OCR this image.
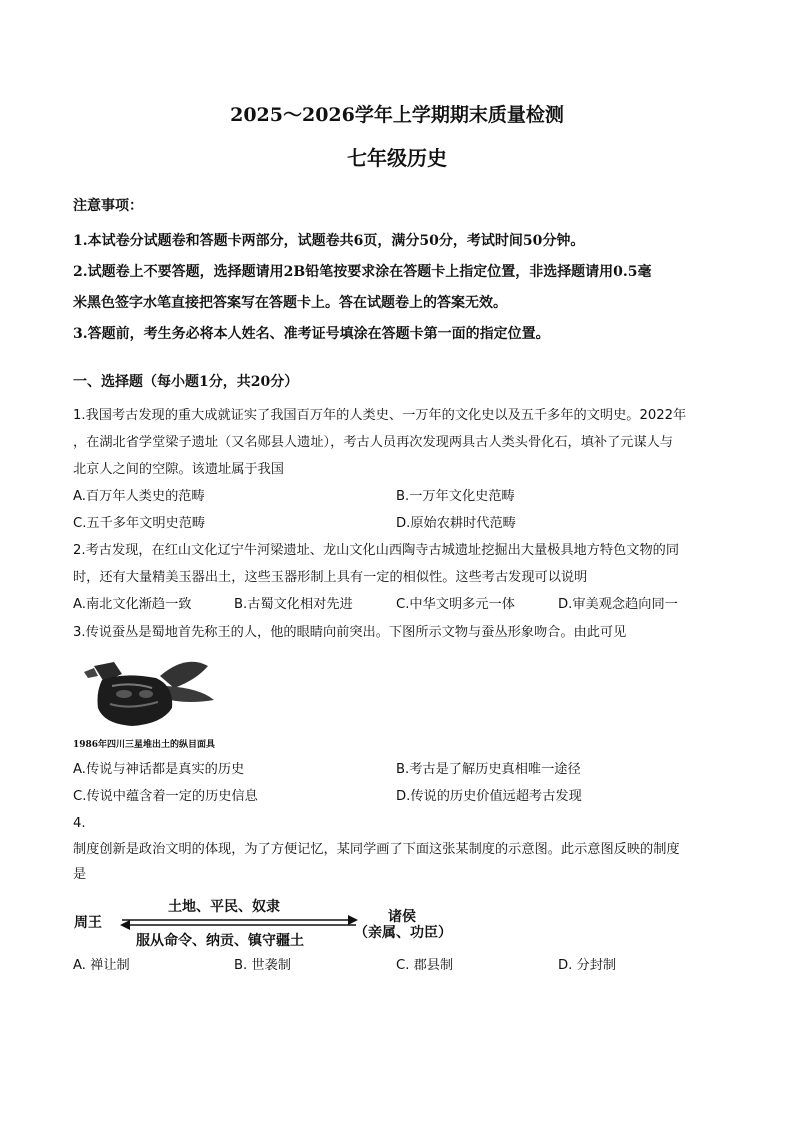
2025～2026学年上学期期末质量检测
七年级历史
注意事项：
1.本试卷分试题卷和答题卡两部分，试题卷共6页，满分50分，考试时间50分钟。
2.试题卷上不要答题，选择题请用2B铅笔按要求涂在答题卡上指定位置，非选择题请用0.5毫
米黑色签字水笔直接把答案写在答题卡上。答在试题卷上的答案无效。
3.答题前，考生务必将本人姓名、准考证号填涂在答题卡第一面的指定位置。
一、选择题（每小题1分，共20分）
1.我国考古发现的重大成就证实了我国百万年的人类史、一万年的文化史以及五千多年的文明史。2022年
，在湖北省学堂梁子遗址（又名郧县人遗址），考古人员再次发现两具古人类头骨化石，填补了元谋人与
北京人之间的空隙。该遗址属于我国
A.百万年人类史的范畴	B.一万年文化史范畴
C.五千多年文明史范畴	D.原始农耕时代范畴
2.考古发现，在红山文化辽宁牛河梁遗址、龙山文化山西陶寺古城遗址挖掘出大量极具地方特色文物的同
时，还有大量精美玉器出土，这些玉器形制上具有一定的相似性。这些考古发现可以说明
A.南北文化渐趋一致	B.古蜀文化相对先进	C.中华文明多元一体	D.审美观念趋向同一
3.传说蚕丛是蜀地首先称王的人，他的眼睛向前突出。下图所示文物与蚕丛形象吻合。由此可见
1986年四川三星堆出土的纵目面具
A.传说与神话都是真实的历史	B.考古是了解历史真相唯一途径
C.传说中蕴含着一定的历史信息	D.传说的历史价值远超考古发现
4.
制度创新是政治文明的体现，为了方便记忆，某同学画了下面这张某制度的示意图。此示意图反映的制度
是
周王
土地、平民、奴隶
服从命令、纳贡、镇守疆土
诸侯
（亲属、功臣）
A. 禅让制	B. 世袭制	C. 郡县制	D. 分封制
